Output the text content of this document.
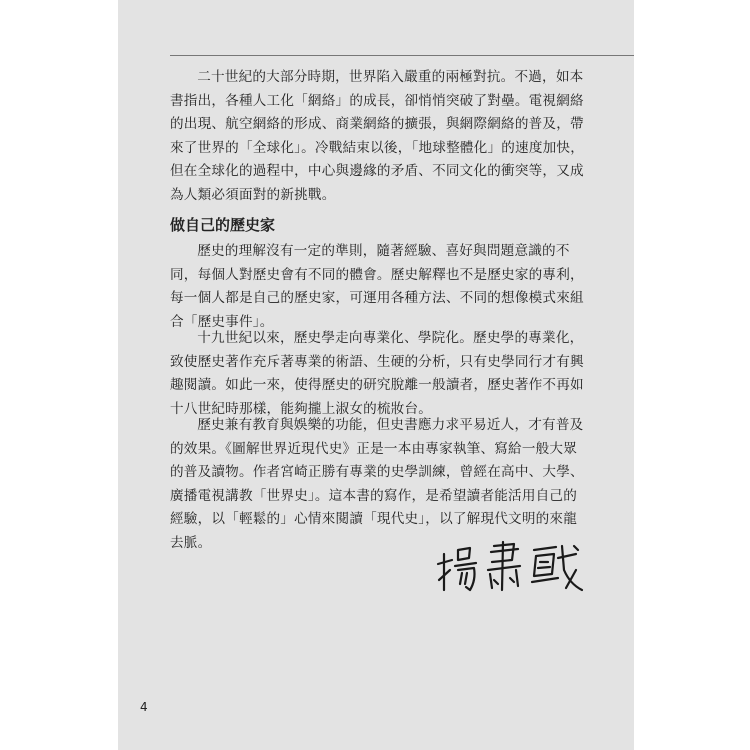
二十世紀的大部分時期，世界陷入嚴重的兩極對抗。不過，如本書指出，各種人工化「網絡」的成長，卻悄悄突破了對壘。電視網絡的出現、航空網絡的形成、商業網絡的擴張，與網際網絡的普及，帶來了世界的「全球化」。冷戰結束以後，「地球整體化」的速度加快，但在全球化的過程中，中心與邊緣的矛盾、不同文化的衝突等，又成為人類必須面對的新挑戰。

做自己的歷史家

歷史的理解沒有一定的準則，隨著經驗、喜好與問題意識的不同，每個人對歷史會有不同的體會。歷史解釋也不是歷史家的專利，每一個人都是自己的歷史家，可運用各種方法、不同的想像模式來組合「歷史事件」。

十九世紀以來，歷史學走向專業化、學院化。歷史學的專業化，致使歷史著作充斥著專業的術語、生硬的分析，只有史學同行才有興趣閱讀。如此一來，使得歷史的研究脫離一般讀者，歷史著作不再如十八世紀時那樣，能夠攏上淑女的梳妝台。

歷史兼有教育與娛樂的功能，但史書應力求平易近人，才有普及的效果。《圖解世界近現代史》正是一本由專家執筆、寫給一般大眾的普及讀物。作者宮崎正勝有專業的史學訓練，曾經在高中、大學、廣播電視講教「世界史」。這本書的寫作，是希望讀者能活用自己的經驗，以「輕鬆的」心情來閱讀「現代史」，以了解現代文明的來龍去脈。

4
